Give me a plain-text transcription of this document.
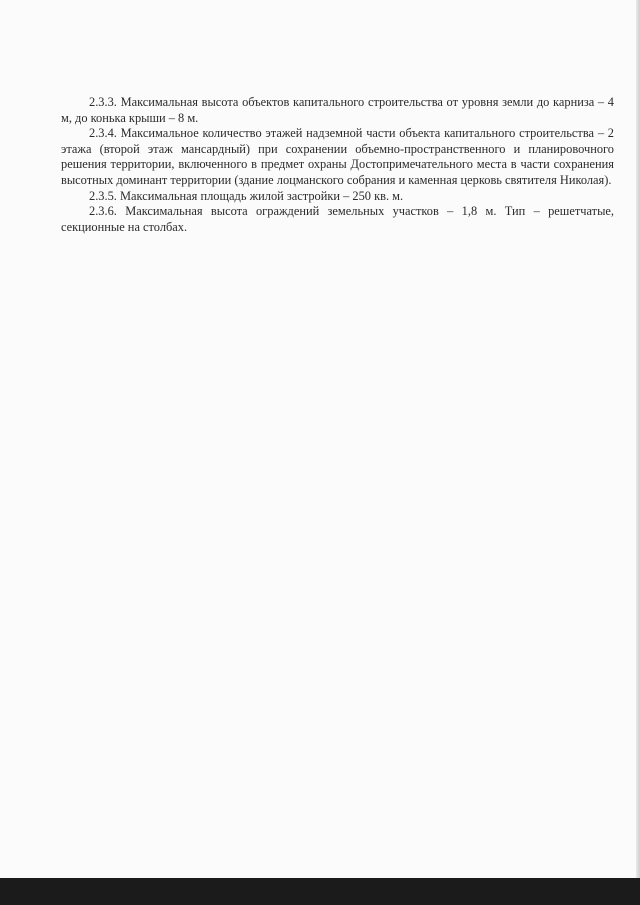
2.3.3. Максимальная высота объектов капитального строительства от уровня земли до карниза – 4 м, до конька крыши – 8 м.

2.3.4. Максимальное количество этажей надземной части объекта капитального строительства – 2 этажа (второй этаж мансардный) при сохранении объемно-пространственного и планировочного решения территории, включенного в предмет охраны Достопримечательного места в части сохранения высотных доминант территории (здание лоцманского собрания и каменная церковь святителя Николая).

2.3.5. Максимальная площадь жилой застройки – 250 кв. м.

2.3.6. Максимальная высота ограждений земельных участков – 1,8 м. Тип – решетчатые, секционные на столбах.
